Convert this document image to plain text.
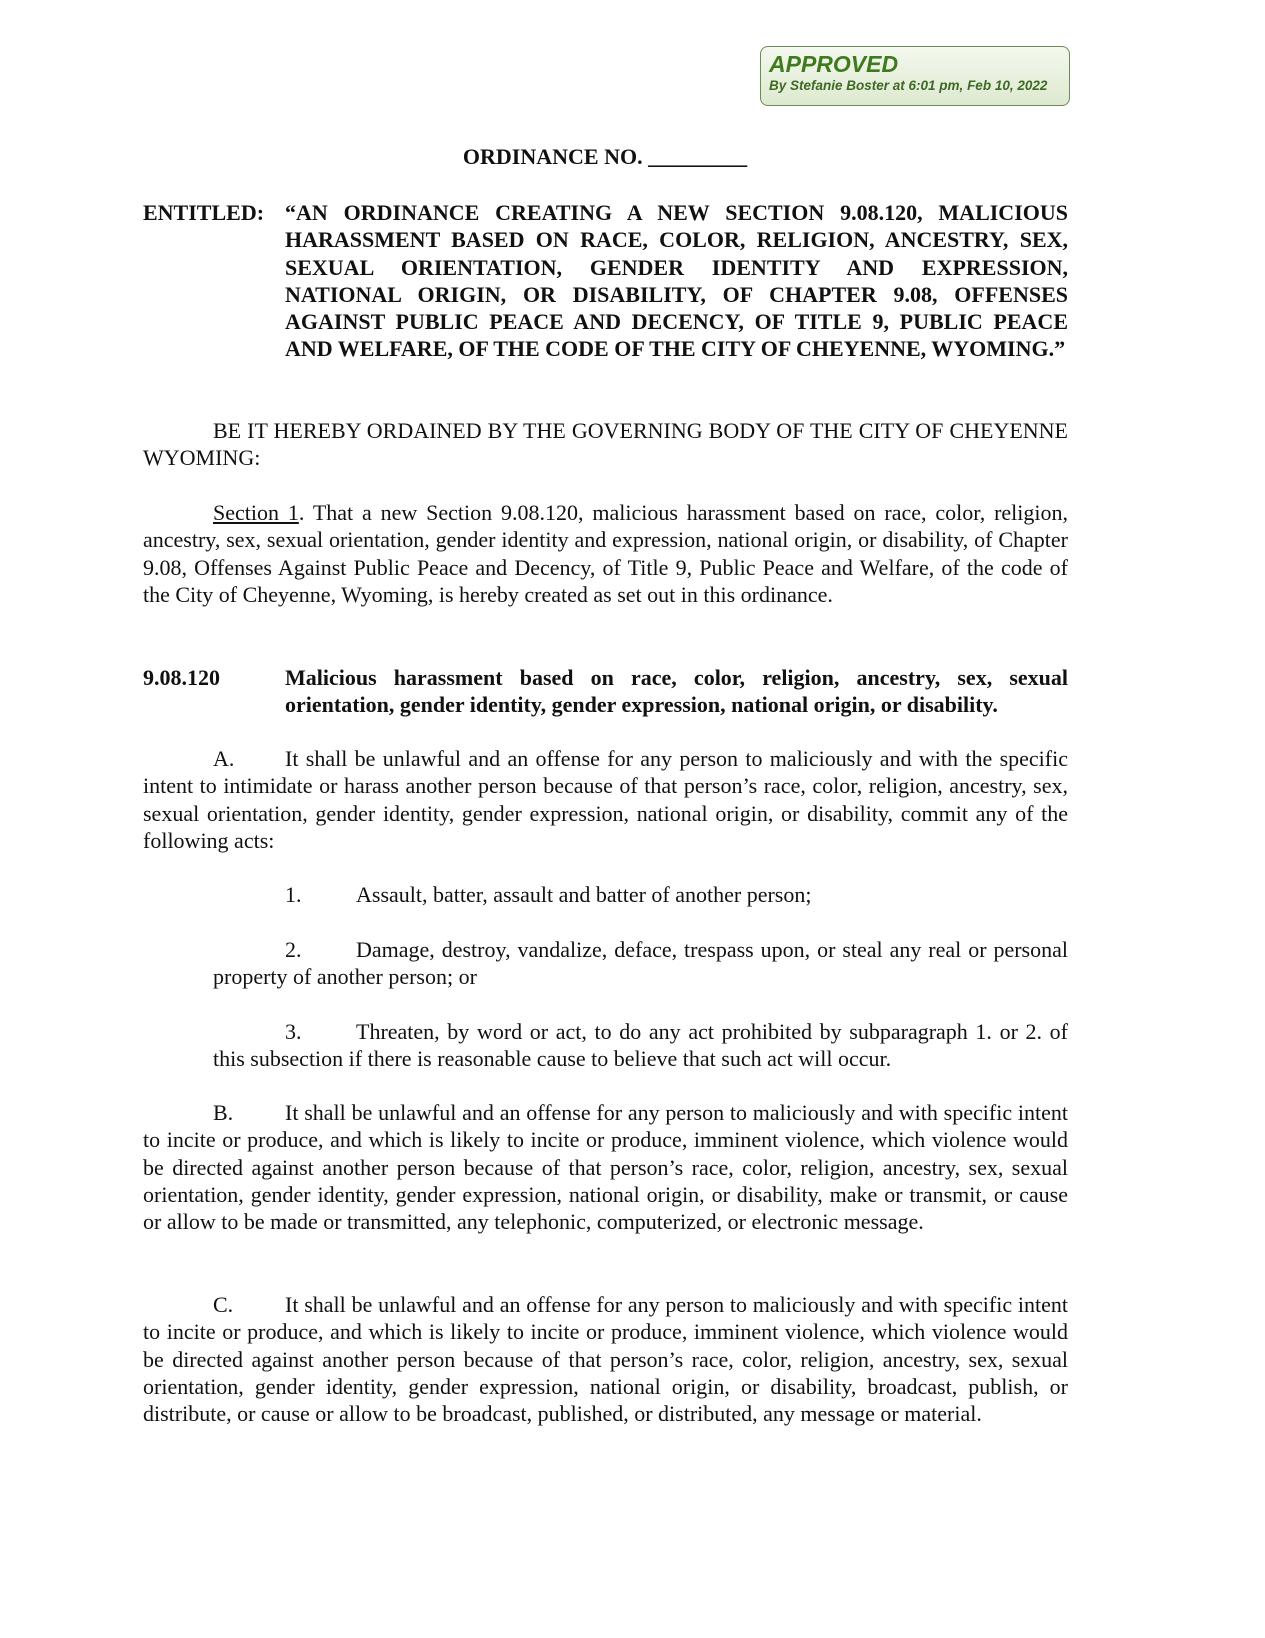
APPROVED
By Stefanie Boster at 6:01 pm, Feb 10, 2022
ORDINANCE NO. _________
ENTITLED: “AN ORDINANCE CREATING A NEW SECTION 9.08.120, MALICIOUS HARASSMENT BASED ON RACE, COLOR, RELIGION, ANCESTRY, SEX, SEXUAL ORIENTATION, GENDER IDENTITY AND EXPRESSION, NATIONAL ORIGIN, OR DISABILITY, OF CHAPTER 9.08, OFFENSES AGAINST PUBLIC PEACE AND DECENCY, OF TITLE 9, PUBLIC PEACE AND WELFARE, OF THE CODE OF THE CITY OF CHEYENNE, WYOMING.”
BE IT HEREBY ORDAINED BY THE GOVERNING BODY OF THE CITY OF CHEYENNE WYOMING:
Section 1. That a new Section 9.08.120, malicious harassment based on race, color, religion, ancestry, sex, sexual orientation, gender identity and expression, national origin, or disability, of Chapter 9.08, Offenses Against Public Peace and Decency, of Title 9, Public Peace and Welfare, of the code of the City of Cheyenne, Wyoming, is hereby created as set out in this ordinance.
9.08.120	Malicious harassment based on race, color, religion, ancestry, sex, sexual orientation, gender identity, gender expression, national origin, or disability.
A. It shall be unlawful and an offense for any person to maliciously and with the specific intent to intimidate or harass another person because of that person’s race, color, religion, ancestry, sex, sexual orientation, gender identity, gender expression, national origin, or disability, commit any of the following acts:
1. Assault, batter, assault and batter of another person;
2. Damage, destroy, vandalize, deface, trespass upon, or steal any real or personal property of another person; or
3. Threaten, by word or act, to do any act prohibited by subparagraph 1. or 2. of this subsection if there is reasonable cause to believe that such act will occur.
B. It shall be unlawful and an offense for any person to maliciously and with specific intent to incite or produce, and which is likely to incite or produce, imminent violence, which violence would be directed against another person because of that person’s race, color, religion, ancestry, sex, sexual orientation, gender identity, gender expression, national origin, or disability, make or transmit, or cause or allow to be made or transmitted, any telephonic, computerized, or electronic message.
C. It shall be unlawful and an offense for any person to maliciously and with specific intent to incite or produce, and which is likely to incite or produce, imminent violence, which violence would be directed against another person because of that person’s race, color, religion, ancestry, sex, sexual orientation, gender identity, gender expression, national origin, or disability, broadcast, publish, or distribute, or cause or allow to be broadcast, published, or distributed, any message or material.
